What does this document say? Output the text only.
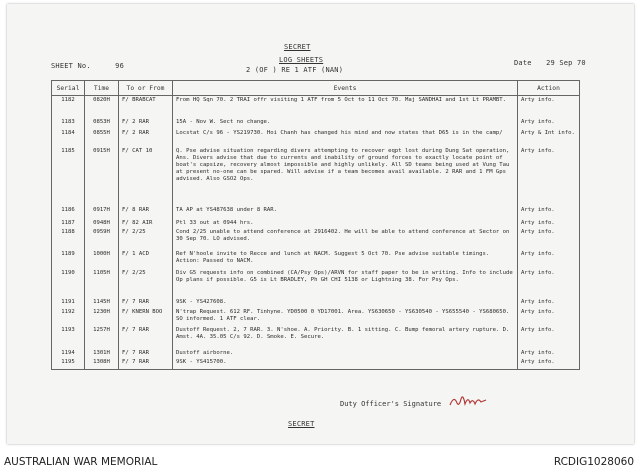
SECRET
LOG SHEETS
2 (OF ) RE 1 ATF (NAN)
SHEET No.	96	Date 29 Sep 70
Serial	Time	To or From	Events	Action
1182	0820H	F/ BRABCAT	From HQ Sqn 70. 2 TRAI offr visiting 1 ATF from 5 Oct to 11 Oct 70. Maj SANDHAI and 1st Lt PRAMBT.	Arty info.
1183	0853H	F/ 2 RAR	15A - Nov W. Sect no change.	Arty info.
1184	0855H	F/ 2 RAR	Locstat C/s 96 - YS219730. Hoi Chanh has changed his mind and now states that D65 is in the camp/	Arty & Int info.
1185	0915H	F/ CAT 10	Q. Pse advise situation regarding divers attempting to recover eqpt lost during Dung Sat operation, Ans. Divers advise that due to currents and inability of ground forces to exactly locate point of boat's capsize, recovery almost impossible and highly unlikely. All SD teams being used at Vung Tau at present no-one can be spared. Will advise if a team becomes avail available. 2 RAR and 1 FM Gps advised. Also GSO2 Ops.	Arty info.
1186	0917H	F/ 8 RAR	TA AP at YS487638 under 8 RAR.	Arty info.
1187	0948H	F/ 82 AIR	Ptl 33 out at 0944 hrs.	Arty info.
1188	0959H	F/ 2/25	Cond 2/25 unable to attend conference at 2916402. He will be able to attend conference at Sector on 30 Sep 70. LO advised.	Arty info.
1189	1000H	F/ 1 ACD	Ref N'hoole invite to Recce and lunch at NACM. Suggest 5 Oct 70. Pse advise suitable timings. Action: Passed to NACM.	Arty info.
1190	1105H	F/ 2/25	Div G5 requests info on combined (CA/Psy Ops)/ARVN for staff paper to be in writing. Info to include Op plans if possible. G5 is Lt BRADLEY, Ph GH CHI 5138 or Lightning 38. For Psy Ops.	Arty info.
1191	1145H	F/ 7 RAR	9SK - YS427608.	Arty info.
1192	1230H	F/ KNERN BOO	N'trap Request. 612 RF. Tinhyne. YD0500 0 YD17001. Area. YS630650 - YS630540 - YS655540 - YS680650. SO informed. 1 ATF clear.	Arty info.
1193	1257H	F/ 7 RAR	Dustoff Request. 2, 7 RAR. 3. N'shoe. A. Priority. B. 1 sitting. C. Bump femoral artery rupture. D. Amst. 4A. 35.05 C/s 92. D. Smoke. E. Secure.	Arty info.
1194	1301H	F/ 7 RAR	Dustoff airborne.	Arty info.
1195	1308H	F/ 7 RAR	9SK - YS415700.	Arty info.
Duty Officer's Signature
SECRET
AUSTRALIAN WAR MEMORIAL	RCDIG1028060
